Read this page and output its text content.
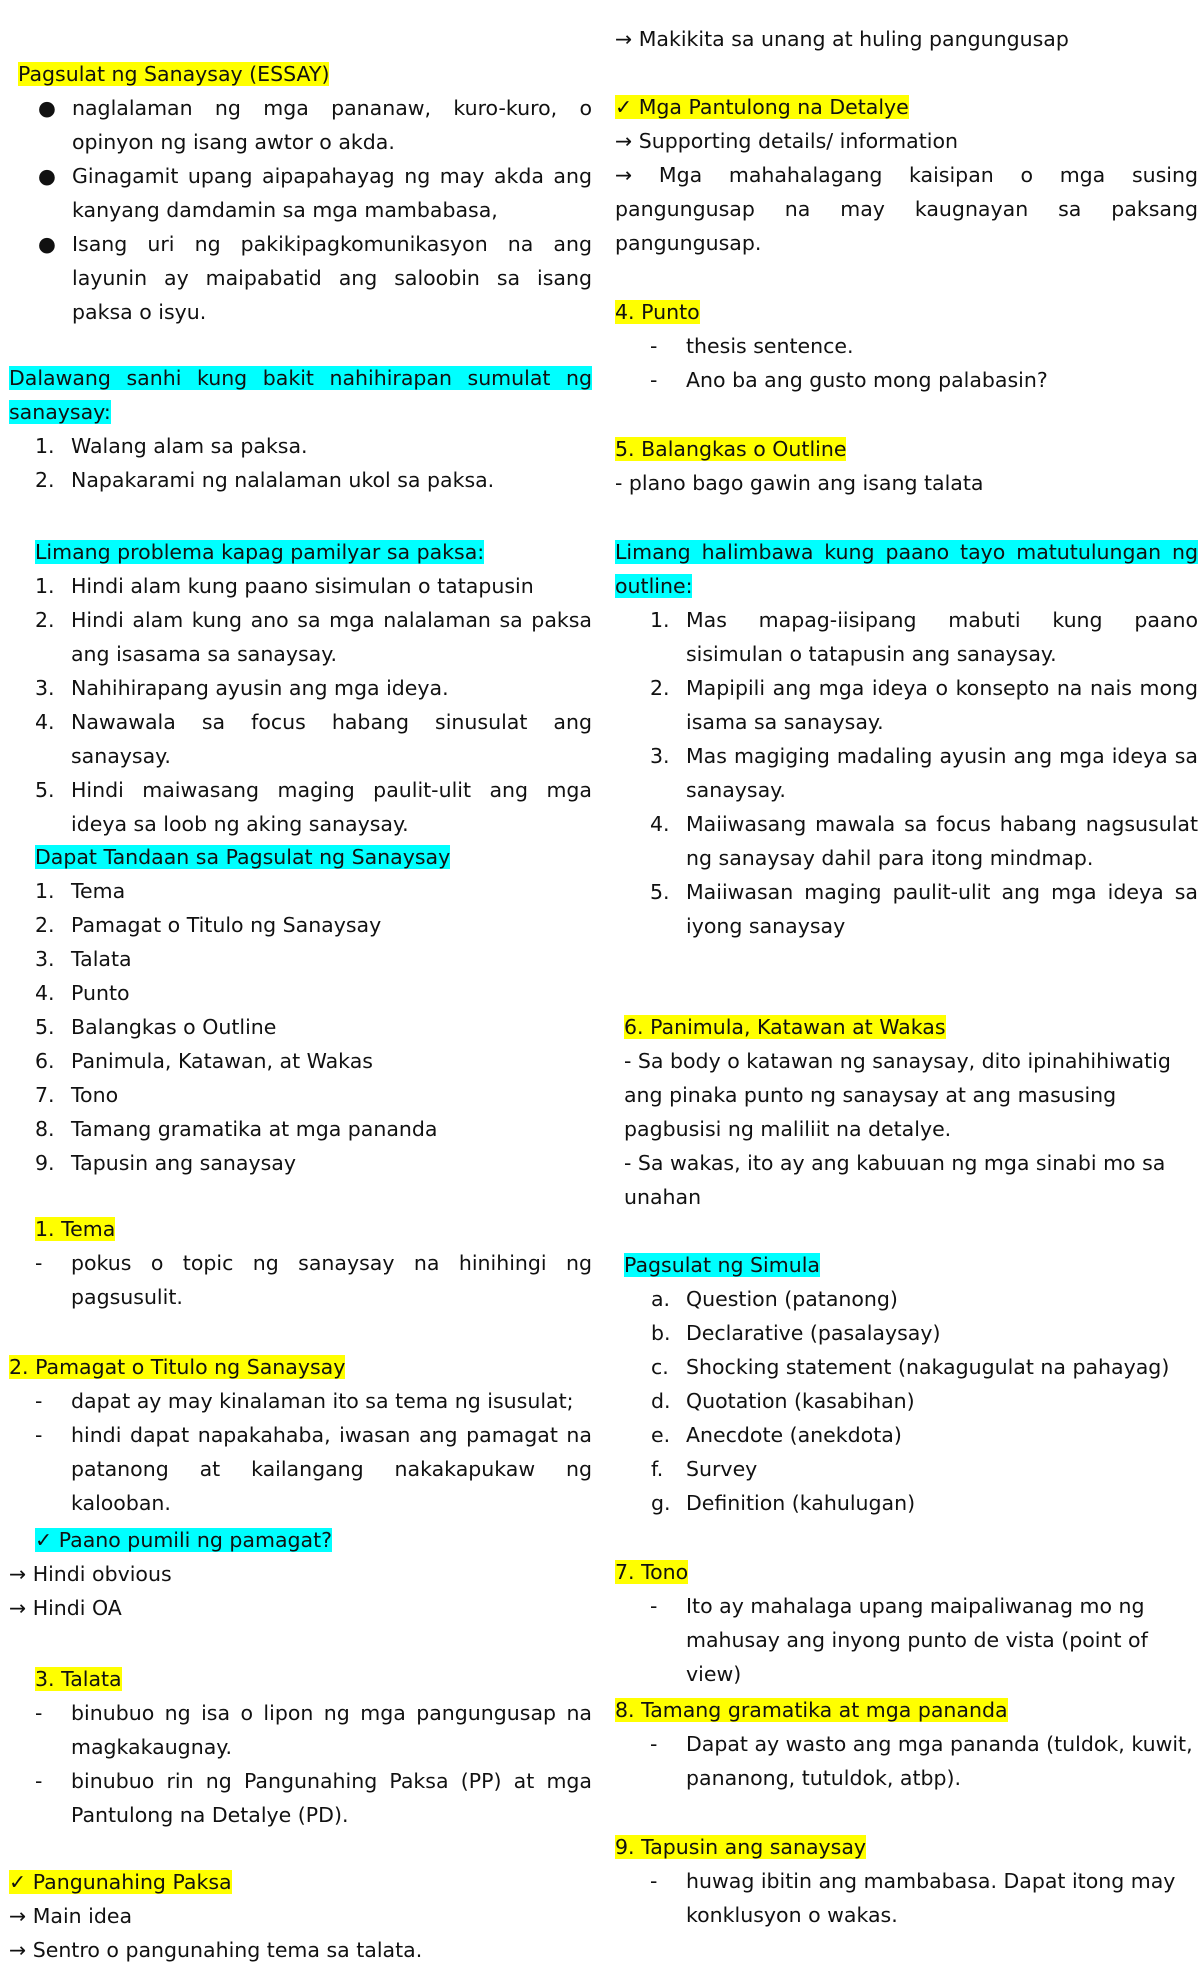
Pagsulat ng Sanaysay (ESSAY)

● naglalaman ng mga pananaw, kuro-kuro, o opinyon ng isang awtor o akda.
● Ginagamit upang aipapahayag ng may akda ang kanyang damdamin sa mga mambabasa,
● Isang uri ng pakikipagkomunikasyon na ang layunin ay maipabatid ang saloobin sa isang paksa o isyu.

Dalawang sanhi kung bakit nahihirapan sumulat ng sanaysay:

1. Walang alam sa paksa.
2. Napakarami ng nalalaman ukol sa paksa.

Limang problema kapag pamilyar sa paksa:

1. Hindi alam kung paano sisimulan o tatapusin
2. Hindi alam kung ano sa mga nalalaman sa paksa ang isasama sa sanaysay.
3. Nahihirapang ayusin ang mga ideya.
4. Nawawala sa focus habang sinusulat ang sanaysay.
5. Hindi maiwasang maging paulit-ulit ang mga ideya sa loob ng aking sanaysay.

Dapat Tandaan sa Pagsulat ng Sanaysay

1. Tema
2. Pamagat o Titulo ng Sanaysay
3. Talata
4. Punto
5. Balangkas o Outline
6. Panimula, Katawan, at Wakas
7. Tono
8. Tamang gramatika at mga pananda
9. Tapusin ang sanaysay

1. Tema

- pokus o topic ng sanaysay na hinihingi ng pagsusulit.

2. Pamagat o Titulo ng Sanaysay

- dapat ay may kinalaman ito sa tema ng isusulat;
- hindi dapat napakahaba, iwasan ang pamagat na patanong at kailangang nakakapukaw ng kalooban.

✓ Paano pumili ng pamagat?

→ Hindi obvious

→ Hindi OA

3. Talata

- binubuo ng isa o lipon ng mga pangungusap na magkakaugnay.
- binubuo rin ng Pangunahing Paksa (PP) at mga Pantulong na Detalye (PD).

✓ Pangunahing Paksa

→ Main idea

→ Sentro o pangunahing tema sa talata.

→ Makikita sa unang at huling pangungusap

✓ Mga Pantulong na Detalye

→ Supporting details/ information

→ Mga mahahalagang kaisipan o mga susing pangungusap na may kaugnayan sa paksang pangungusap.

4. Punto

- thesis sentence.
- Ano ba ang gusto mong palabasin?

5. Balangkas o Outline

- plano bago gawin ang isang talata

Limang halimbawa kung paano tayo matutulungan ng outline:

1. Mas mapag-iisipang mabuti kung paano sisimulan o tatapusin ang sanaysay.
2. Mapipili ang mga ideya o konsepto na nais mong isama sa sanaysay.
3. Mas magiging madaling ayusin ang mga ideya sa sanaysay.
4. Maiiwasang mawala sa focus habang nagsusulat ng sanaysay dahil para itong mindmap.
5. Maiiwasan maging paulit-ulit ang mga ideya sa iyong sanaysay

6. Panimula, Katawan at Wakas

- Sa body o katawan ng sanaysay, dito ipinahihiwatig ang pinaka punto ng sanaysay at ang masusing pagbusisi ng maliliit na detalye.

- Sa wakas, ito ay ang kabuuan ng mga sinabi mo sa unahan

Pagsulat ng Simula

a. Question (patanong)
b. Declarative (pasalaysay)
c. Shocking statement (nakagugulat na pahayag)
d. Quotation (kasabihan)
e. Anecdote (anekdota)
f. Survey
g. Definition (kahulugan)

7. Tono

- Ito ay mahalaga upang maipaliwanag mo ng mahusay ang inyong punto de vista (point of view)

8. Tamang gramatika at mga pananda

- Dapat ay wasto ang mga pananda (tuldok, kuwit, pananong, tutuldok, atbp).

9. Tapusin ang sanaysay

- huwag ibitin ang mambabasa. Dapat itong may konklusyon o wakas.
